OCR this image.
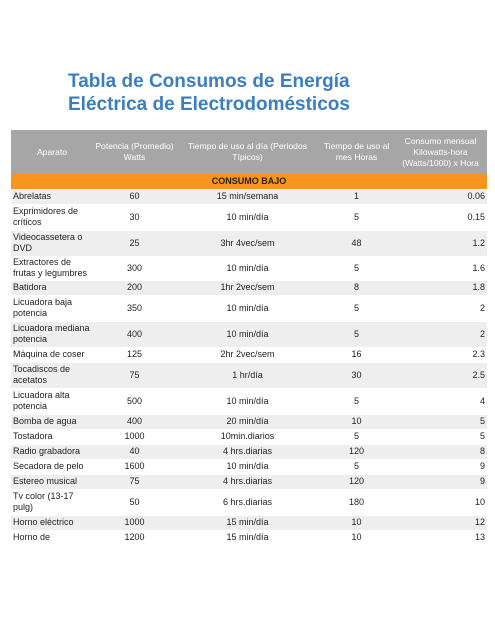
Tabla de Consumos de Energía
Eléctrica de Electrodomésticos
Aparato	Potencia (Promedio) Watts	Tiempo de uso al día (Periodos Típicos)	Tiempo de uso al mes Horas	Consumo mensual Kilowatts-hora (Watts/1000) x Hora
CONSUMO BAJO				
Abrelatas	60	15 min/semana	1	0.06
Exprimidores de críticos	30	10 min/día	5	0.15
Videocassetera o DVD	25	3hr 4vec/sem	48	1.2
Extractores de frutas y legumbres	300	10 min/día	5	1.6
Batidora	200	1hr 2vec/sem	8	1.8
Licuadora baja potencia	350	10 min/día	5	2
Licuadora mediana potencia	400	10 min/día	5	2
Máquina de coser	125	2hr 2vec/sem	16	2.3
Tocadiscos de acetatos	75	1 hr/día	30	2.5
Licuadora alta potencia	500	10 min/día	5	4
Bomba de agua	400	20 min/día	10	5
Tostadora	1000	10min.diarios	5	5
Radio grabadora	40	4 hrs.diarias	120	8
Secadora de pelo	1600	10 min/día	5	9
Estereo musical	75	4 hrs.diarias	120	9
Tv color (13-17 pulg)	50	6 hrs.diarias	180	10
Horno eléctrico	1000	15 min/día	10	12
Horno de	1200	15 min/día	10	13
